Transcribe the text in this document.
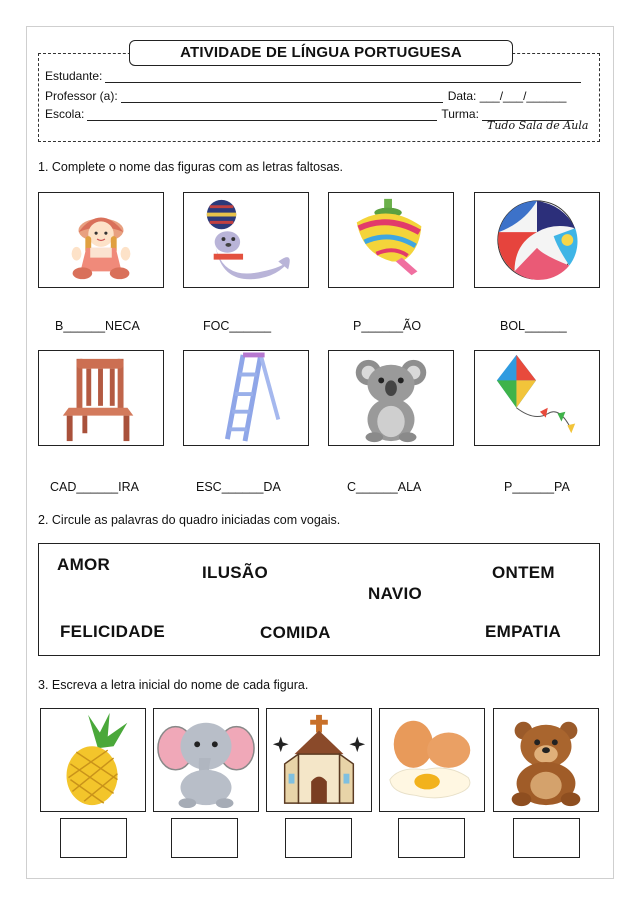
ATIVIDADE DE LÍNGUA PORTUGUESA
Estudante:
Professor (a):	Data: ___/___/______
Escola:	Turma:
Tudo Sala de Aula
1. Complete o nome das figuras com as letras faltosas.
B______NECA	FOC______	P______ÃO	BOL______
CAD______IRA	ESC______DA	C______ALA	P______PA
2. Circule as palavras do quadro iniciadas com vogais.
AMOR	ILUSÃO
NAVIO
ONTEM
FELICIDADE	COMIDA	EMPATIA
3. Escreva a letra inicial do nome de cada figura.
